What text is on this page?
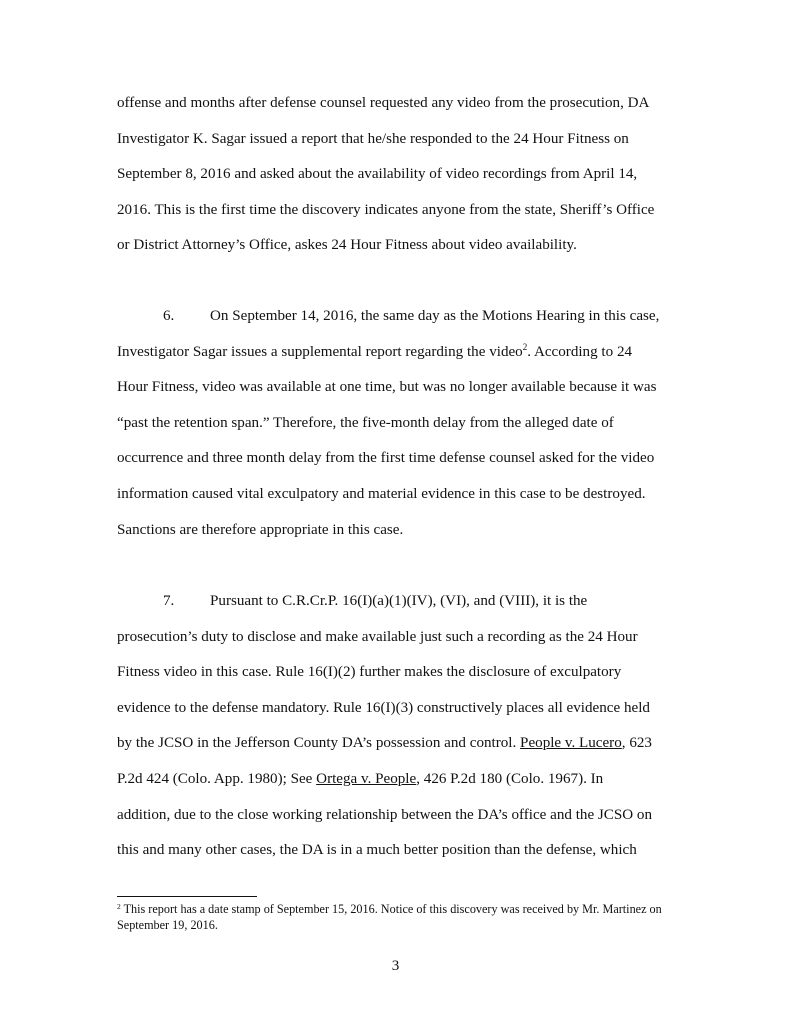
offense and months after defense counsel requested any video from the prosecution, DA
Investigator K. Sagar issued a report that he/she responded to the 24 Hour Fitness on
September 8, 2016 and asked about the availability of video recordings from April 14,
2016. This is the first time the discovery indicates anyone from the state, Sheriff’s Office
or District Attorney’s Office, askes 24 Hour Fitness about video availability.
6. On September 14, 2016, the same day as the Motions Hearing in this case,
Investigator Sagar issues a supplemental report regarding the video$^2$. According to 24
Hour Fitness, video was available at one time, but was no longer available because it was
“past the retention span.” Therefore, the five-month delay from the alleged date of
occurrence and three month delay from the first time defense counsel asked for the video
information caused vital exculpatory and material evidence in this case to be destroyed.
Sanctions are therefore appropriate in this case.
7. Pursuant to C.R.Cr.P. 16(I)(a)(1)(IV), (VI), and (VIII), it is the
prosecution’s duty to disclose and make available just such a recording as the 24 Hour
Fitness video in this case. Rule 16(I)(2) further makes the disclosure of exculpatory
evidence to the defense mandatory. Rule 16(I)(3) constructively places all evidence held
by the JCSO in the Jefferson County DA’s possession and control. People v. Lucero, 623
P.2d 424 (Colo. App. 1980); See Ortega v. People, 426 P.2d 180 (Colo. 1967). In
addition, due to the close working relationship between the DA’s office and the JCSO on
this and many other cases, the DA is in a much better position than the defense, which

$^2$ This report has a date stamp of September 15, 2016. Notice of this discovery was received by Mr. Martinez on September 19, 2016.

3
